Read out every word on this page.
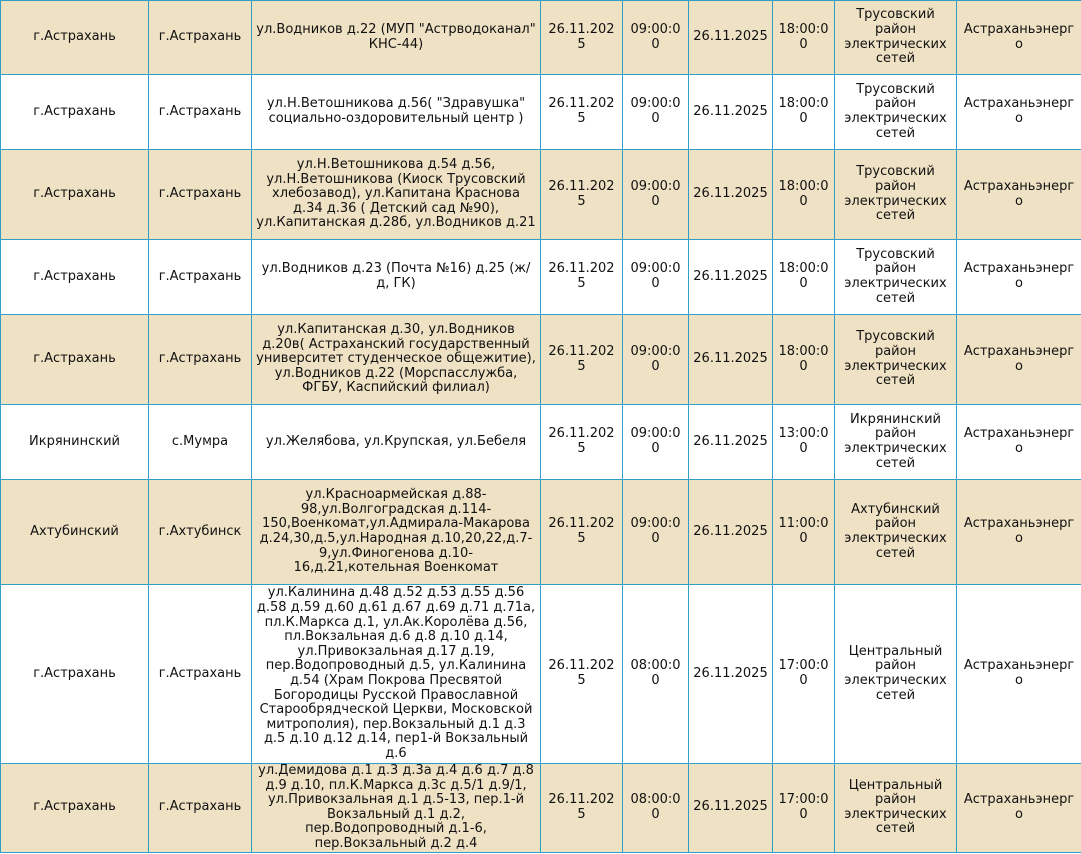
г.Астрахань	г.Астрахань	ул.Водников д.22 (МУП "Астрводоканал" КНС-44)	26.11.2025	09:00:00	26.11.2025	18:00:00	Трусовский район электрических сетей	Астраханьэнерго
г.Астрахань	г.Астрахань	ул.Н.Ветошникова д.56( "Здравушка" социально-оздоровительный центр )	26.11.2025	09:00:00	26.11.2025	18:00:00	Трусовский район электрических сетей	Астраханьэнерго
г.Астрахань	г.Астрахань	ул.Н.Ветошникова д.54 д.56, ул.Н.Ветошникова (Киоск Трусовский хлебозавод), ул.Капитана Краснова д.34 д.36 ( Детский сад №90), ул.Капитанская д.28б, ул.Водников д.21	26.11.2025	09:00:00	26.11.2025	18:00:00	Трусовский район электрических сетей	Астраханьэнерго
г.Астрахань	г.Астрахань	ул.Водников д.23 (Почта №16) д.25 (ж/д, ГК)	26.11.2025	09:00:00	26.11.2025	18:00:00	Трусовский район электрических сетей	Астраханьэнерго
г.Астрахань	г.Астрахань	ул.Капитанская д.30, ул.Водников д.20в( Астраханский государственный университет студенческое общежитие), ул.Водников д.22 (Морспасслужба, ФГБУ, Каспийский филиал)	26.11.2025	09:00:00	26.11.2025	18:00:00	Трусовский район электрических сетей	Астраханьэнерго
Икрянинский	с.Мумра	ул.Желябова, ул.Крупская, ул.Бебеля	26.11.2025	09:00:00	26.11.2025	13:00:00	Икрянинский район электрических сетей	Астраханьэнерго
Ахтубинский	г.Ахтубинск	ул.Красноармейская д.88-98,ул.Волгоградская д.114-150,Военкомат,ул.Адмирала-Макарова д.24,30,д.5,ул.Народная д.10,20,22,д.7-9,ул.Финогенова д.10-16,д.21,котельная Военкомат	26.11.2025	09:00:00	26.11.2025	11:00:00	Ахтубинский район электрических сетей	Астраханьэнерго
г.Астрахань	г.Астрахань	ул.Калинина д.48 д.52 д.53 д.55 д.56 д.58 д.59 д.60 д.61 д.67 д.69 д.71 д.71а, пл.К.Маркса д.1, ул.Ак.Королёва д.56, пл.Вокзальная д.6 д.8 д.10 д.14, ул.Привокзальная д.17 д.19, пер.Водопроводный д.5, ул.Калинина д.54 (Храм Покрова Пресвятой Богородицы Русской Православной Старообрядческой Церкви, Московской митрополия), пер.Вокзальный д.1 д.3 д.5 д.10 д.12 д.14, пер1-й Вокзальный д.6	26.11.2025	08:00:00	26.11.2025	17:00:00	Центральный район электрических сетей	Астраханьэнерго
г.Астрахань	г.Астрахань	ул.Демидова д.1 д.3 д.3а д.4 д.6 д.7 д.8 д.9 д.10, пл.К.Маркса д.3с д.5/1 д.9/1, ул.Привокзальная д.1 д.5-13, пер.1-й Вокзальный д.1 д.2, пер.Водопроводный д.1-6, пер.Вокзальный д.2 д.4	26.11.2025	08:00:00	26.11.2025	17:00:00	Центральный район электрических сетей	Астраханьэнерго
